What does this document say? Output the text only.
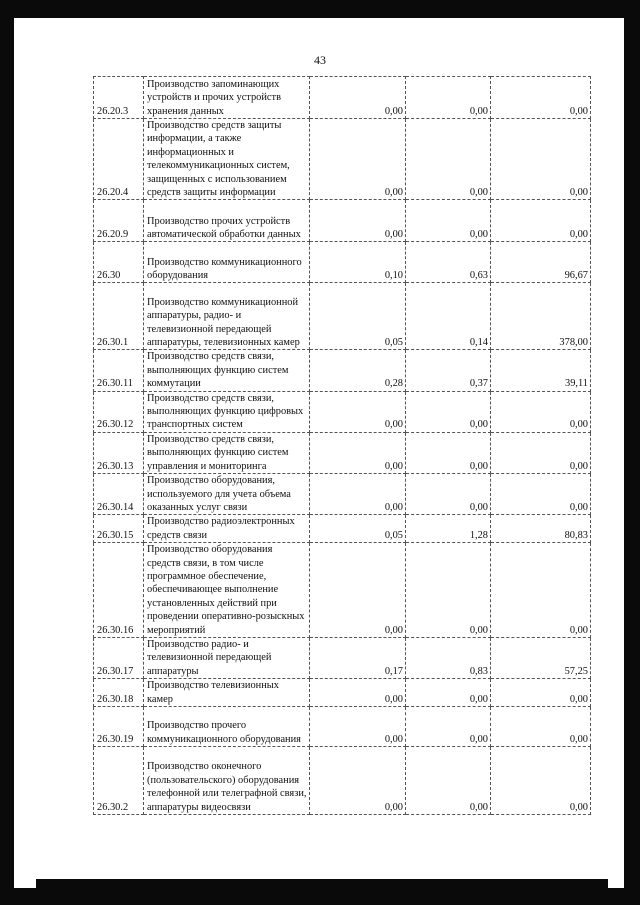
43
26.20.3	Производство запоминающих устройств и прочих устройств хранения данных	0,00	0,00	0,00
26.20.4	Производство средств защиты информации, а также информационных и телекоммуникационных систем, защищенных с использованием средств защиты информации	0,00	0,00	0,00
26.20.9	Производство прочих устройств автоматической обработки данных	0,00	0,00	0,00
26.30	Производство коммуникационного оборудования	0,10	0,63	96,67
26.30.1	Производство коммуникационной аппаратуры, радио- и телевизионной передающей аппаратуры, телевизионных камер	0,05	0,14	378,00
26.30.11	Производство средств связи, выполняющих функцию систем коммутации	0,28	0,37	39,11
26.30.12	Производство средств связи, выполняющих функцию цифровых транспортных систем	0,00	0,00	0,00
26.30.13	Производство средств связи, выполняющих функцию систем управления и мониторинга	0,00	0,00	0,00
26.30.14	Производство оборудования, используемого для учета объема оказанных услуг связи	0,00	0,00	0,00
26.30.15	Производство радиоэлектронных средств связи	0,05	1,28	80,83
26.30.16	Производство оборудования средств связи, в том числе программное обеспечение, обеспечивающее выполнение установленных действий при проведении оперативно-розыскных мероприятий	0,00	0,00	0,00
26.30.17	Производство радио- и телевизионной передающей аппаратуры	0,17	0,83	57,25
26.30.18	Производство телевизионных камер	0,00	0,00	0,00
26.30.19	Производство прочего коммуникационного оборудования	0,00	0,00	0,00
26.30.2	Производство оконечного (пользовательского) оборудования телефонной или телеграфной связи, аппаратуры видеосвязи	0,00	0,00	0,00
